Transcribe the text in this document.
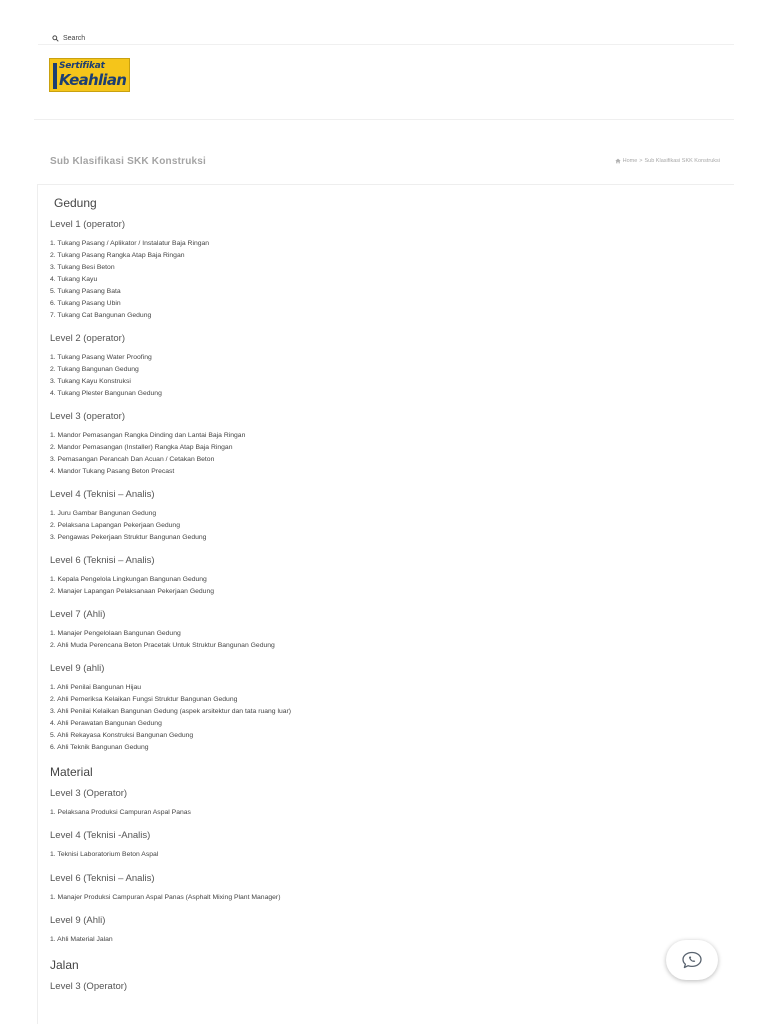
Search
Sertifikat
Keahlian
Sub Klasifikasi SKK Konstruksi	Home > Sub Klasifikasi SKK Konstruksi
Gedung
Level 1 (operator)
1. Tukang Pasang / Aplikator / Instalatur Baja Ringan
2. Tukang Pasang Rangka Atap Baja Ringan
3. Tukang Besi Beton
4. Tukang Kayu
5. Tukang Pasang Bata
6. Tukang Pasang Ubin
7. Tukang Cat Bangunan Gedung
Level 2 (operator)
1. Tukang Pasang Water Proofing
2. Tukang Bangunan Gedung
3. Tukang Kayu Konstruksi
4. Tukang Plester Bangunan Gedung
Level 3 (operator)
1. Mandor Pemasangan Rangka Dinding dan Lantai Baja Ringan
2. Mandor Pemasangan (Installer) Rangka Atap Baja Ringan
3. Pemasangan Perancah Dan Acuan / Cetakan Beton
4. Mandor Tukang Pasang Beton Precast
Level 4 (Teknisi – Analis)
1. Juru Gambar Bangunan Gedung
2. Pelaksana Lapangan Pekerjaan Gedung
3. Pengawas Pekerjaan Struktur Bangunan Gedung
Level 6 (Teknisi – Analis)
1. Kepala Pengelola Lingkungan Bangunan Gedung
2. Manajer Lapangan Pelaksanaan Pekerjaan Gedung
Level 7 (Ahli)
1. Manajer Pengelolaan Bangunan Gedung
2. Ahli Muda Perencana Beton Pracetak Untuk Struktur Bangunan Gedung
Level 9 (ahli)
1. Ahli Penilai Bangunan Hijau
2. Ahli Pemeriksa Kelaikan Fungsi Struktur Bangunan Gedung
3. Ahli Penilai Kelaikan Bangunan Gedung (aspek arsitektur dan tata ruang luar)
4. Ahli Perawatan Bangunan Gedung
5. Ahli Rekayasa Konstruksi Bangunan Gedung
6. Ahli Teknik Bangunan Gedung
Material
Level 3 (Operator)
1. Pelaksana Produksi Campuran Aspal Panas
Level 4 (Teknisi -Analis)
1. Teknisi Laboratorium Beton Aspal
Level 6 (Teknisi – Analis)
1. Manajer Produksi Campuran Aspal Panas (Asphalt Mixing Plant Manager)
Level 9 (Ahli)
1. Ahli Material Jalan
Jalan
Level 3 (Operator)
